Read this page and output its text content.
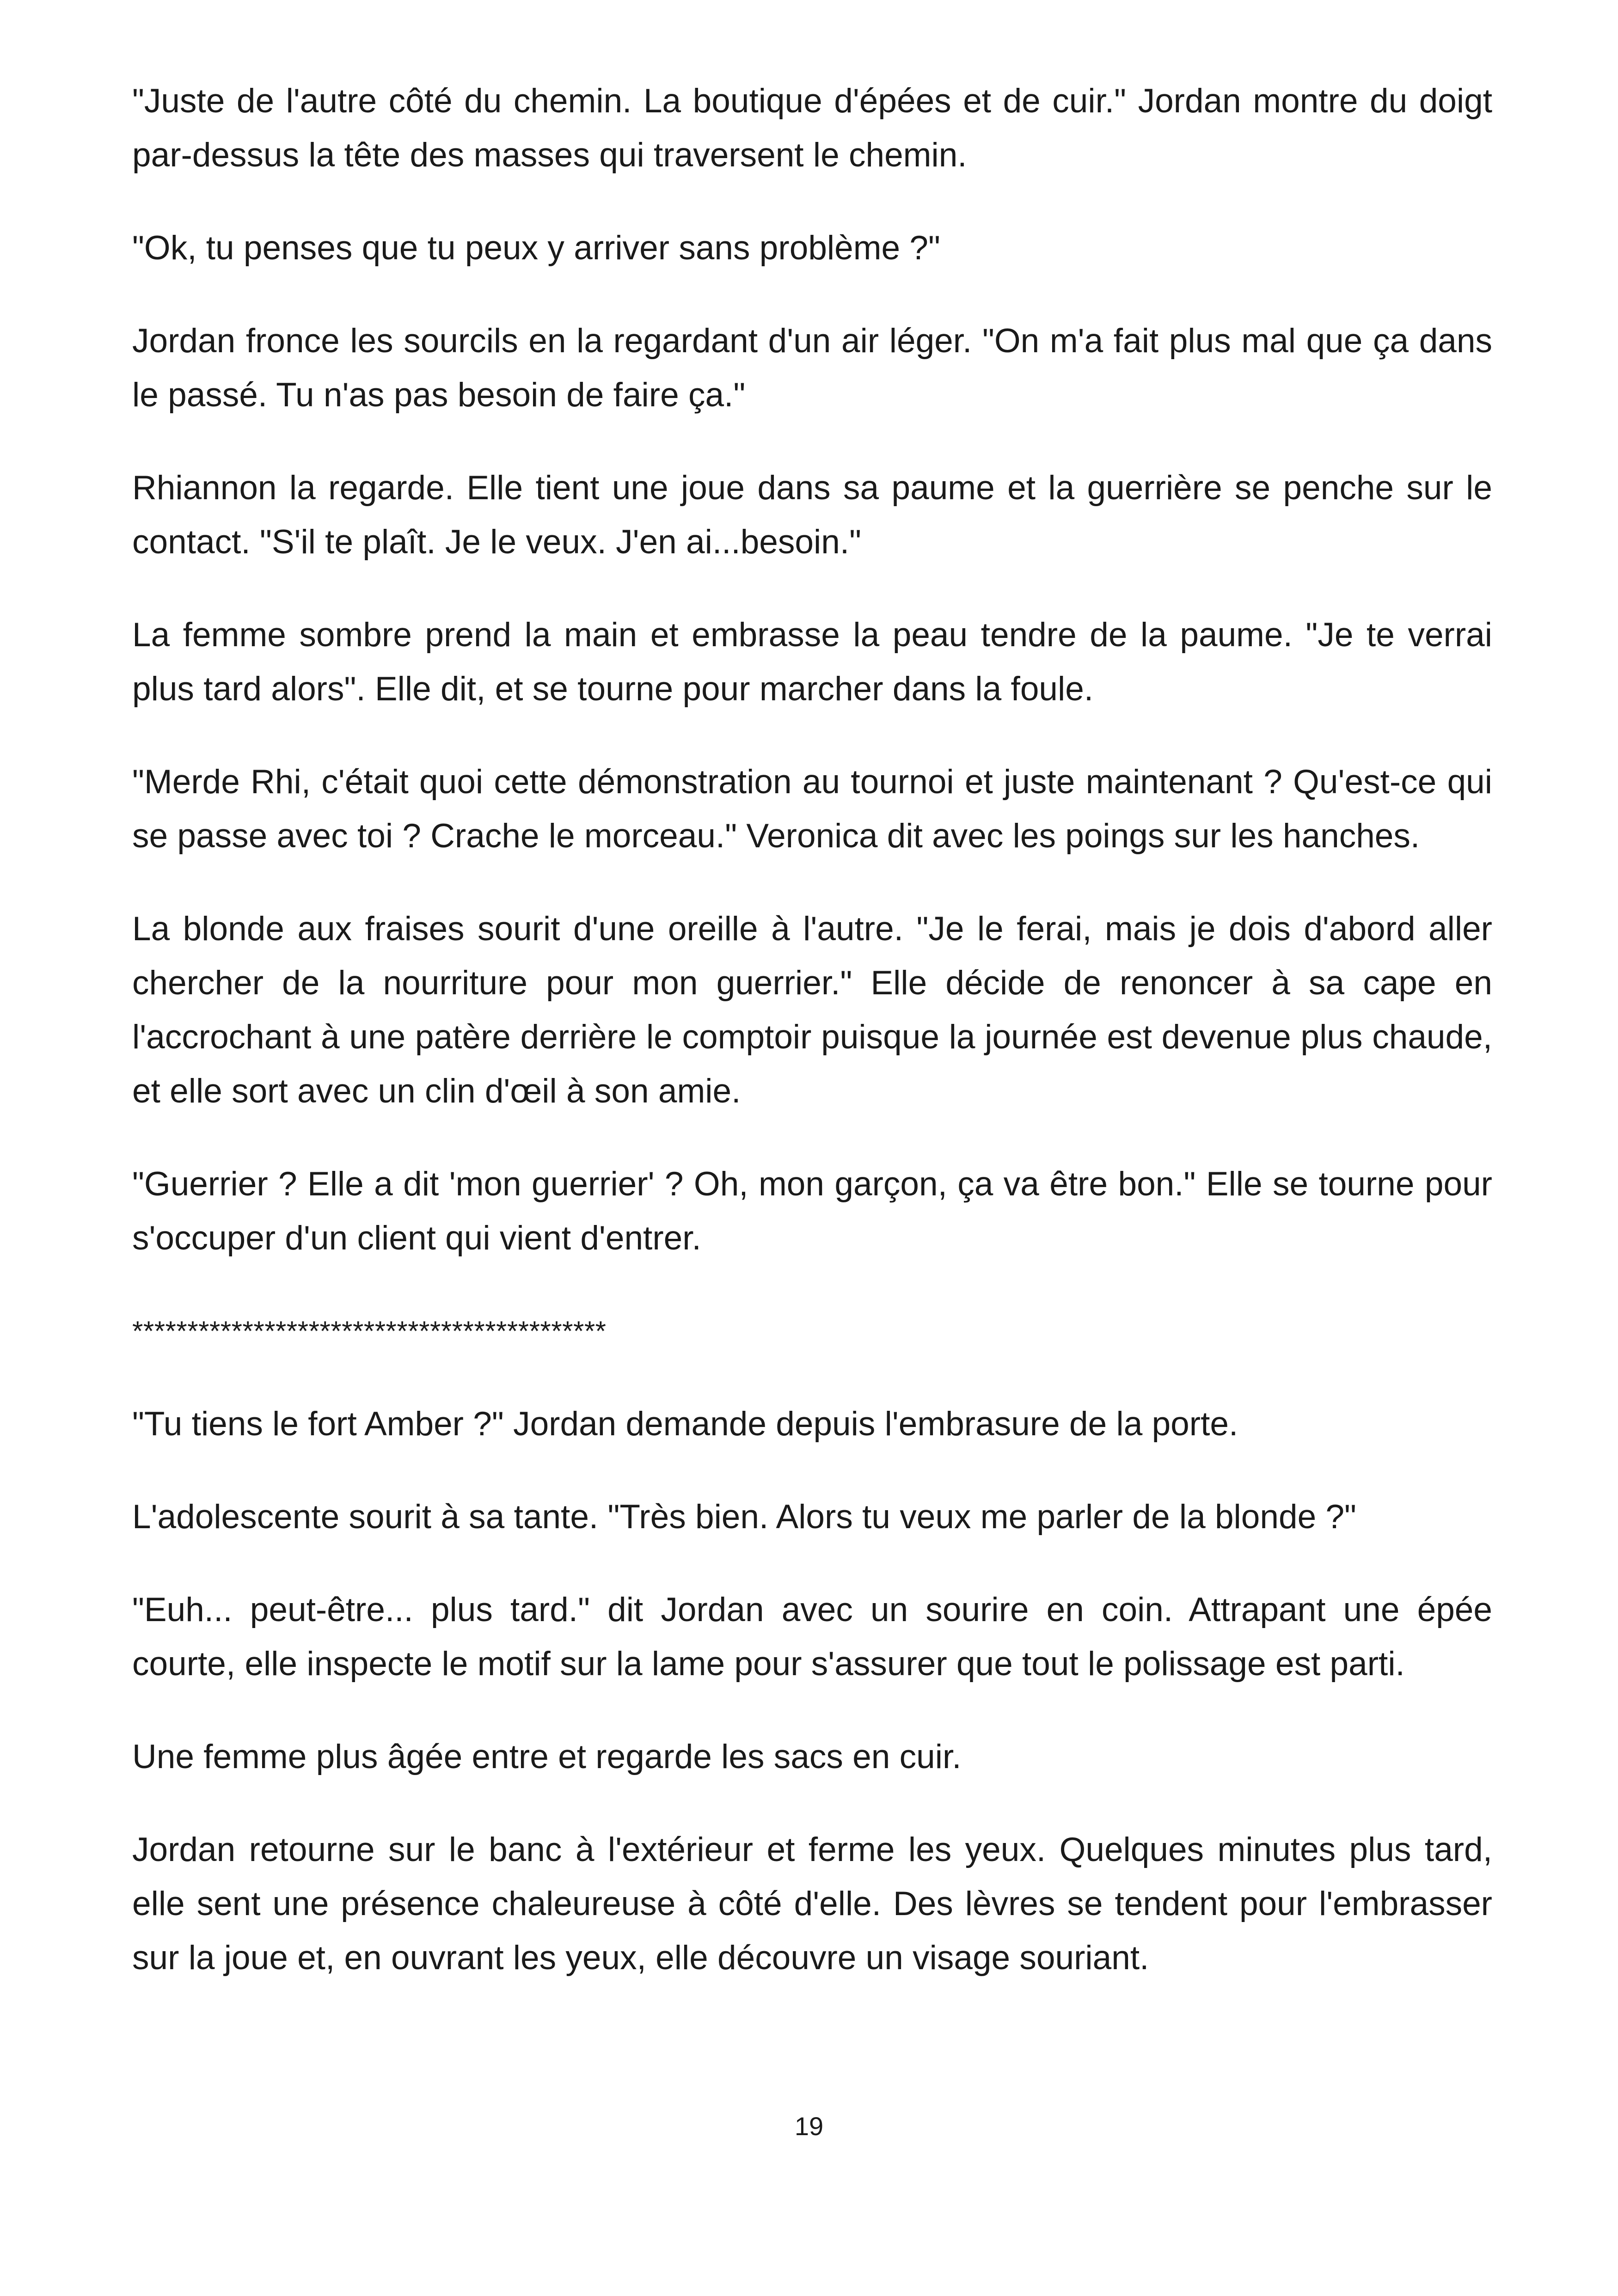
"Juste de l'autre côté du chemin. La boutique d'épées et de cuir." Jordan montre du doigt par-dessus la tête des masses qui traversent le chemin.

"Ok, tu penses que tu peux y arriver sans problème ?"

Jordan fronce les sourcils en la regardant d'un air léger. "On m'a fait plus mal que ça dans le passé. Tu n'as pas besoin de faire ça."

Rhiannon la regarde. Elle tient une joue dans sa paume et la guerrière se penche sur le contact. "S'il te plaît. Je le veux. J'en ai...besoin."

La femme sombre prend la main et embrasse la peau tendre de la paume. "Je te verrai plus tard alors". Elle dit, et se tourne pour marcher dans la foule.

"Merde Rhi, c'était quoi cette démonstration au tournoi et juste maintenant ? Qu'est-ce qui se passe avec toi ? Crache le morceau." Veronica dit avec les poings sur les hanches.

La blonde aux fraises sourit d'une oreille à l'autre. "Je le ferai, mais je dois d'abord aller chercher de la nourriture pour mon guerrier." Elle décide de renoncer à sa cape en l'accrochant à une patère derrière le comptoir puisque la journée est devenue plus chaude, et elle sort avec un clin d'œil à son amie.

"Guerrier ? Elle a dit 'mon guerrier' ? Oh, mon garçon, ça va être bon." Elle se tourne pour s'occuper d'un client qui vient d'entrer.

*******************************************

"Tu tiens le fort Amber ?" Jordan demande depuis l'embrasure de la porte.

L'adolescente sourit à sa tante. "Très bien. Alors tu veux me parler de la blonde ?"

"Euh... peut-être... plus tard." dit Jordan avec un sourire en coin. Attrapant une épée courte, elle inspecte le motif sur la lame pour s'assurer que tout le polissage est parti.

Une femme plus âgée entre et regarde les sacs en cuir.

Jordan retourne sur le banc à l'extérieur et ferme les yeux. Quelques minutes plus tard, elle sent une présence chaleureuse à côté d'elle. Des lèvres se tendent pour l'embrasser sur la joue et, en ouvrant les yeux, elle découvre un visage souriant.

19
